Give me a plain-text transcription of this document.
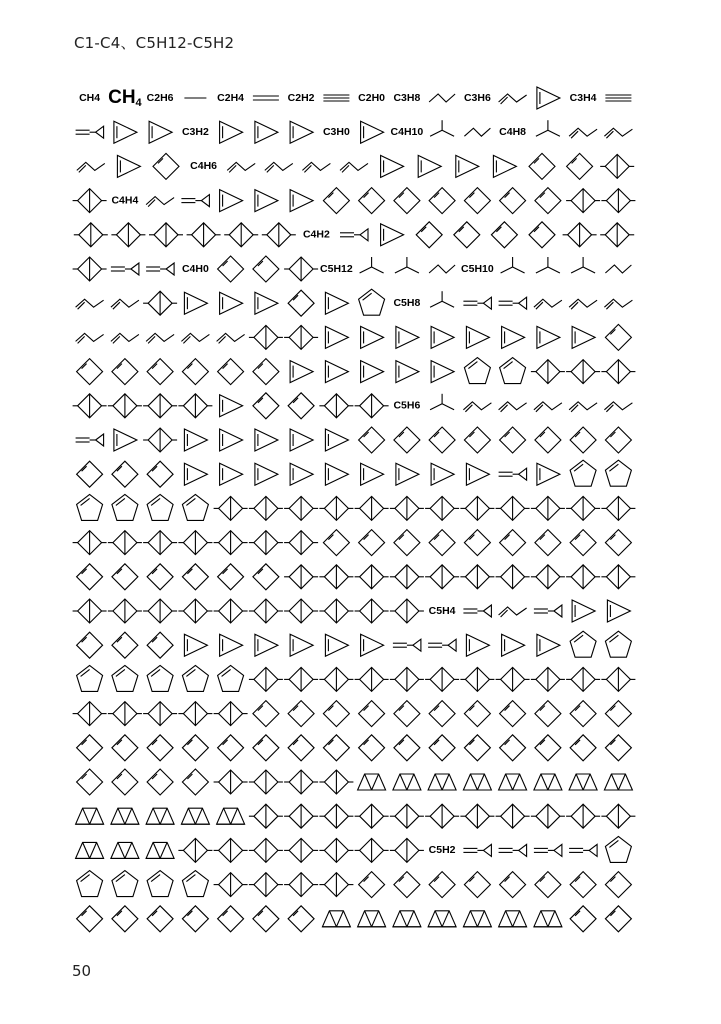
C1-C4、C5H12-C5H2
CH4 $CH_4$ C2H6	C2H4	C2H2	C2H0 C3H8	C3H6	C3H4
C3H2	C3H0	C4H10	C4H8
C4H6
C4H4
C4H2
C4H0	C5H12	C5H10
C5H8
C5H6
C5H4
C5H2
50
